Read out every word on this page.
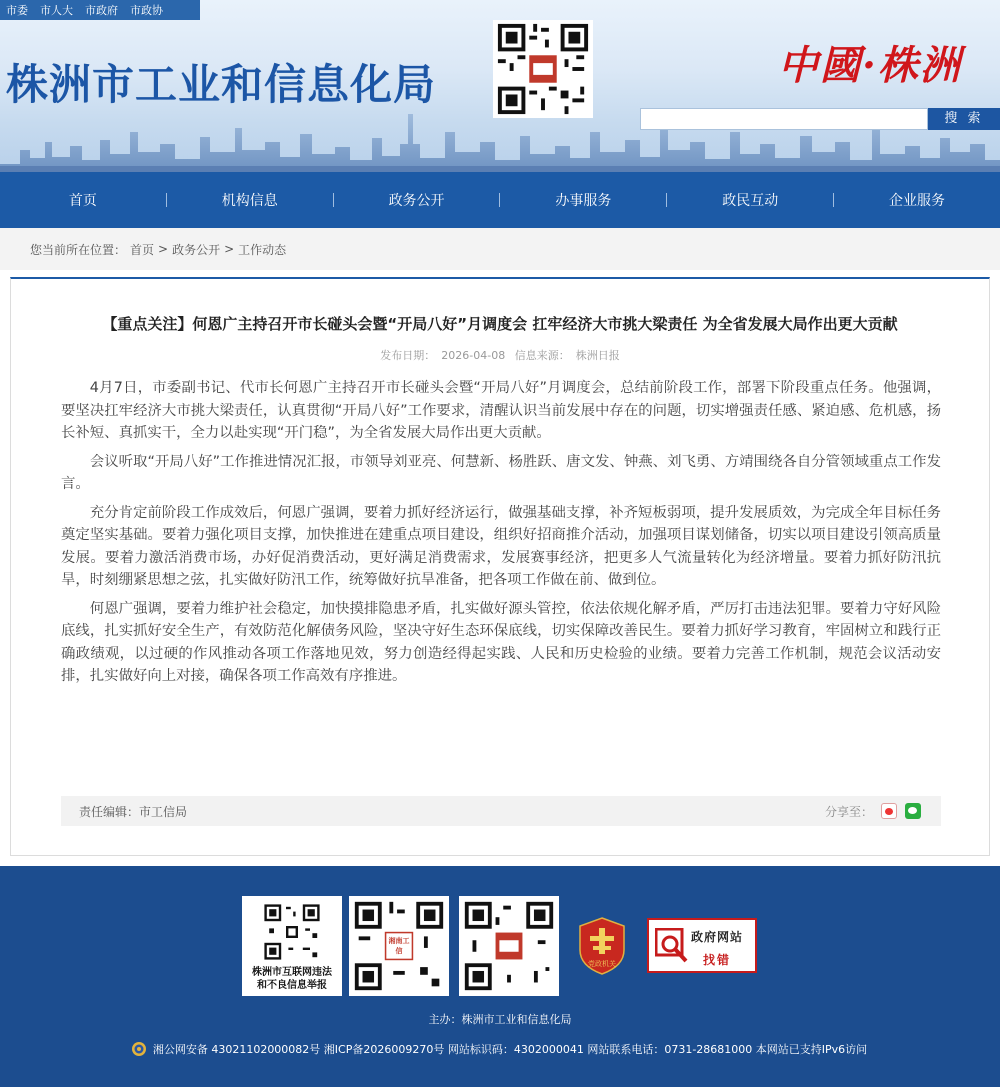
市委 市人大 市政府 市政协
株洲市工业和信息化局	中國·株洲
搜 索
首页	机构信息	政务公开	办事服务	政民互动	企业服务
您当前所在位置： 首页 > 政务公开 > 工作动态
【重点关注】何恩广主持召开市长碰头会暨“开局八好”月调度会 扛牢经济大市挑大梁责任 为全省发展大局作出更大贡献
发布日期： 2026-04-08 信息来源： 株洲日报

4月7日，市委副书记、代市长何恩广主持召开市长碰头会暨“开局八好”月调度会，总结前阶段工作，部署下阶段重点任务。他强调，要坚决扛牢经济大市挑大梁责任，认真贯彻“开局八好”工作要求，清醒认识当前发展中存在的问题，切实增强责任感、紧迫感、危机感，扬长补短、真抓实干，全力以赴实现“开门稳”，为全省发展大局作出更大贡献。

会议听取“开局八好”工作推进情况汇报，市领导刘亚亮、何慧新、杨胜跃、唐文发、钟燕、刘飞勇、方靖围绕各自分管领域重点工作发言。

充分肯定前阶段工作成效后，何恩广强调，要着力抓好经济运行，做强基础支撑，补齐短板弱项，提升发展质效，为完成全年目标任务奠定坚实基础。要着力强化项目支撑，加快推进在建重点项目建设，组织好招商推介活动，加强项目谋划储备，切实以项目建设引领高质量发展。要着力激活消费市场，办好促消费活动，更好满足消费需求，发展赛事经济，把更多人气流量转化为经济增量。要着力抓好防汛抗旱，时刻绷紧思想之弦，扎实做好防汛工作，统筹做好抗旱准备，把各项工作做在前、做到位。

何恩广强调，要着力维护社会稳定，加快摸排隐患矛盾，扎实做好源头管控，依法依规化解矛盾，严厉打击违法犯罪。要着力守好风险底线，扎实抓好安全生产，有效防范化解债务风险，坚决守好生态环保底线，切实保障改善民生。要着力抓好学习教育，牢固树立和践行正确政绩观，以过硬的作风推动各项工作落地见效，努力创造经得起实践、人民和历史检验的业绩。要着力完善工作机制，规范会议活动安排，扎实做好向上对接，确保各项工作高效有序推进。

责任编辑：市工信局	分享至：
株洲市互联网违法
和不良信息举报
湘南工信
党政机关
政府网站
找错
主办：株洲市工业和信息化局
湘公网安备 43021102000082号 湘ICP备2026009270号 网站标识码：4302000041 网站联系电话：0731-28681000 本网站已支持IPv6访问
